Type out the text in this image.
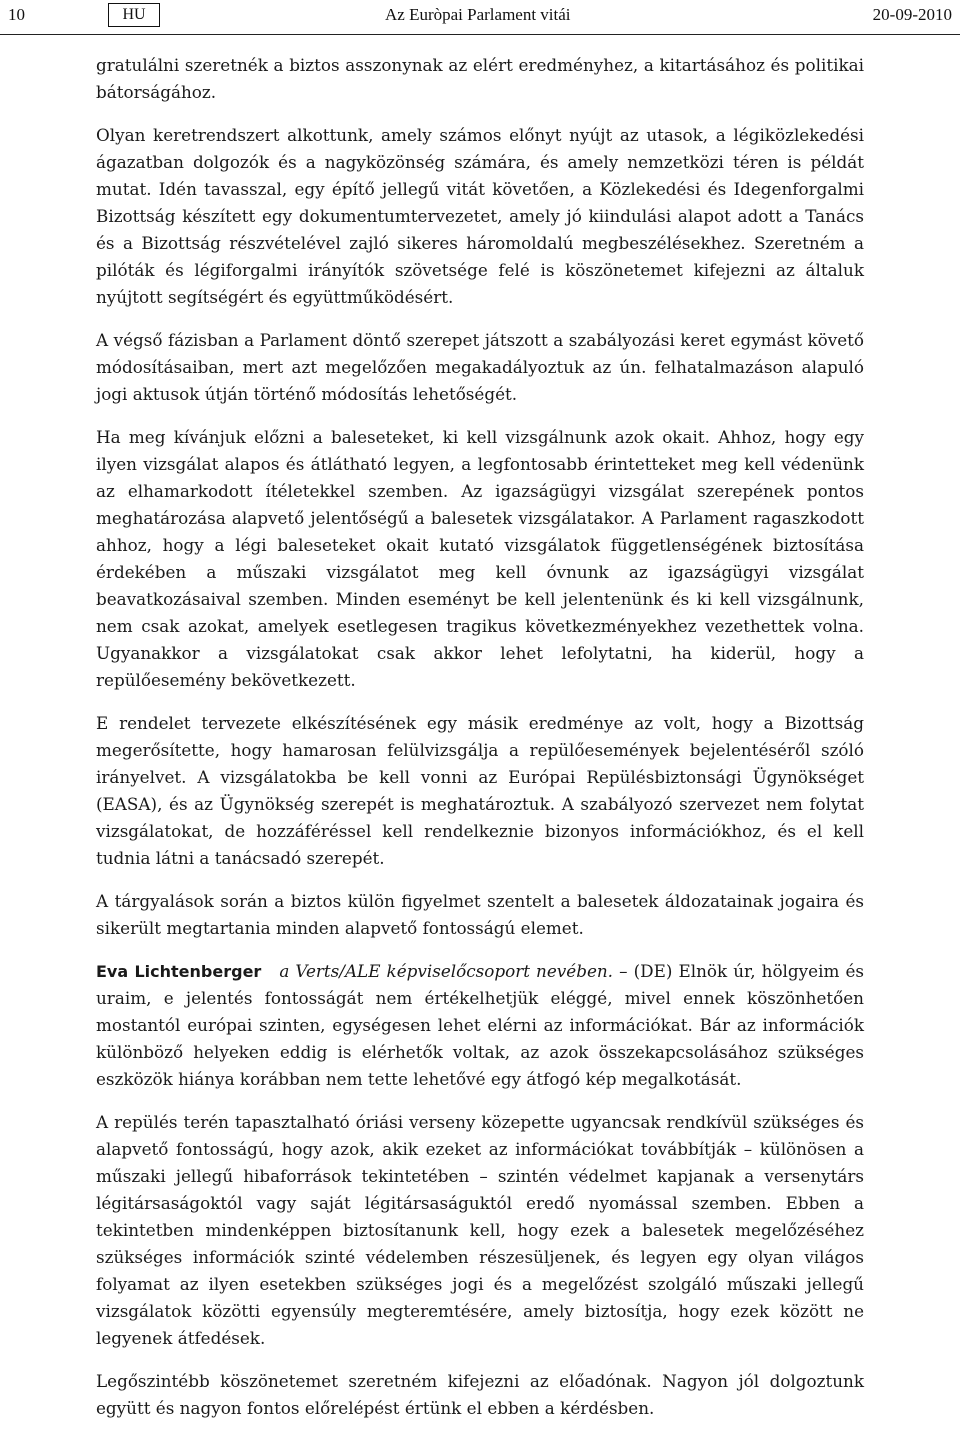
10	HU	Az Euròpai Parlament vitái	20-09-2010

gratulálni szeretnék a biztos asszonynak az elért eredményhez, a kitartásához és politikai bátorságához.

Olyan keretrendszert alkottunk, amely számos előnyt nyújt az utasok, a légiközlekedési ágazatban dolgozók és a nagyközönség számára, és amely nemzetközi téren is példát mutat. Idén tavasszal, egy építő jellegű vitát követően, a Közlekedési és Idegenforgalmi Bizottság készített egy dokumentumtervezetet, amely jó kiindulási alapot adott a Tanács és a Bizottság részvételével zajló sikeres háromoldalú megbeszélésekhez. Szeretném a pilóták és légiforgalmi irányítók szövetsége felé is köszönetemet kifejezni az általuk nyújtott segítségért és együttműködésért.

A végső fázisban a Parlament döntő szerepet játszott a szabályozási keret egymást követő módosításaiban, mert azt megelőzően megakadályoztuk az ún. felhatalmazáson alapuló jogi aktusok útján történő módosítás lehetőségét.

Ha meg kívánjuk előzni a baleseteket, ki kell vizsgálnunk azok okait. Ahhoz, hogy egy ilyen vizsgálat alapos és átlátható legyen, a legfontosabb érintetteket meg kell védenünk az elhamarkodott ítéletekkel szemben. Az igazságügyi vizsgálat szerepének pontos meghatározása alapvető jelentőségű a balesetek vizsgálatakor. A Parlament ragaszkodott ahhoz, hogy a légi baleseteket okait kutató vizsgálatok függetlenségének biztosítása érdekében a műszaki vizsgálatot meg kell óvnunk az igazságügyi vizsgálat beavatkozásaival szemben. Minden eseményt be kell jelentenünk és ki kell vizsgálnunk, nem csak azokat, amelyek esetlegesen tragikus következményekhez vezethettek volna. Ugyanakkor a vizsgálatokat csak akkor lehet lefolytatni, ha kiderül, hogy a repülőesemény bekövetkezett.

E rendelet tervezete elkészítésének egy másik eredménye az volt, hogy a Bizottság megerősítette, hogy hamarosan felülvizsgálja a repülőesemények bejelentéséről szóló irányelvet. A vizsgálatokba be kell vonni az Európai Repülésbiztonsági Ügynökséget (EASA), és az Ügynökség szerepét is meghatároztuk. A szabályozó szervezet nem folytat vizsgálatokat, de hozzáféréssel kell rendelkeznie bizonyos információkhoz, és el kell tudnia látni a tanácsadó szerepét.

A tárgyalások során a biztos külön figyelmet szentelt a balesetek áldozatainak jogaira és sikerült megtartania minden alapvető fontosságú elemet.

Eva Lichtenberger a Verts/ALE képviselőcsoport nevében. – (DE) Elnök úr, hölgyeim és uraim, e jelentés fontosságát nem értékelhetjük eléggé, mivel ennek köszönhetően mostantól európai szinten, egységesen lehet elérni az információkat. Bár az információk különböző helyeken eddig is elérhetők voltak, az azok összekapcsolásához szükséges eszközök hiánya korábban nem tette lehetővé egy átfogó kép megalkotását.

A repülés terén tapasztalható óriási verseny közepette ugyancsak rendkívül szükséges és alapvető fontosságú, hogy azok, akik ezeket az információkat továbbítják – különösen a műszaki jellegű hibaforrások tekintetében – szintén védelmet kapjanak a versenytárs légitársaságoktól vagy saját légitársaságuktól eredő nyomással szemben. Ebben a tekintetben mindenképpen biztosítanunk kell, hogy ezek a balesetek megelőzéséhez szükséges információk szinté védelemben részesüljenek, és legyen egy olyan világos folyamat az ilyen esetekben szükséges jogi és a megelőzést szolgáló műszaki jellegű vizsgálatok közötti egyensúly megteremtésére, amely biztosítja, hogy ezek között ne legyenek átfedések.

Legőszintébb köszönetemet szeretném kifejezni az előadónak. Nagyon jól dolgoztunk együtt és nagyon fontos előrelépést értünk el ebben a kérdésben.
